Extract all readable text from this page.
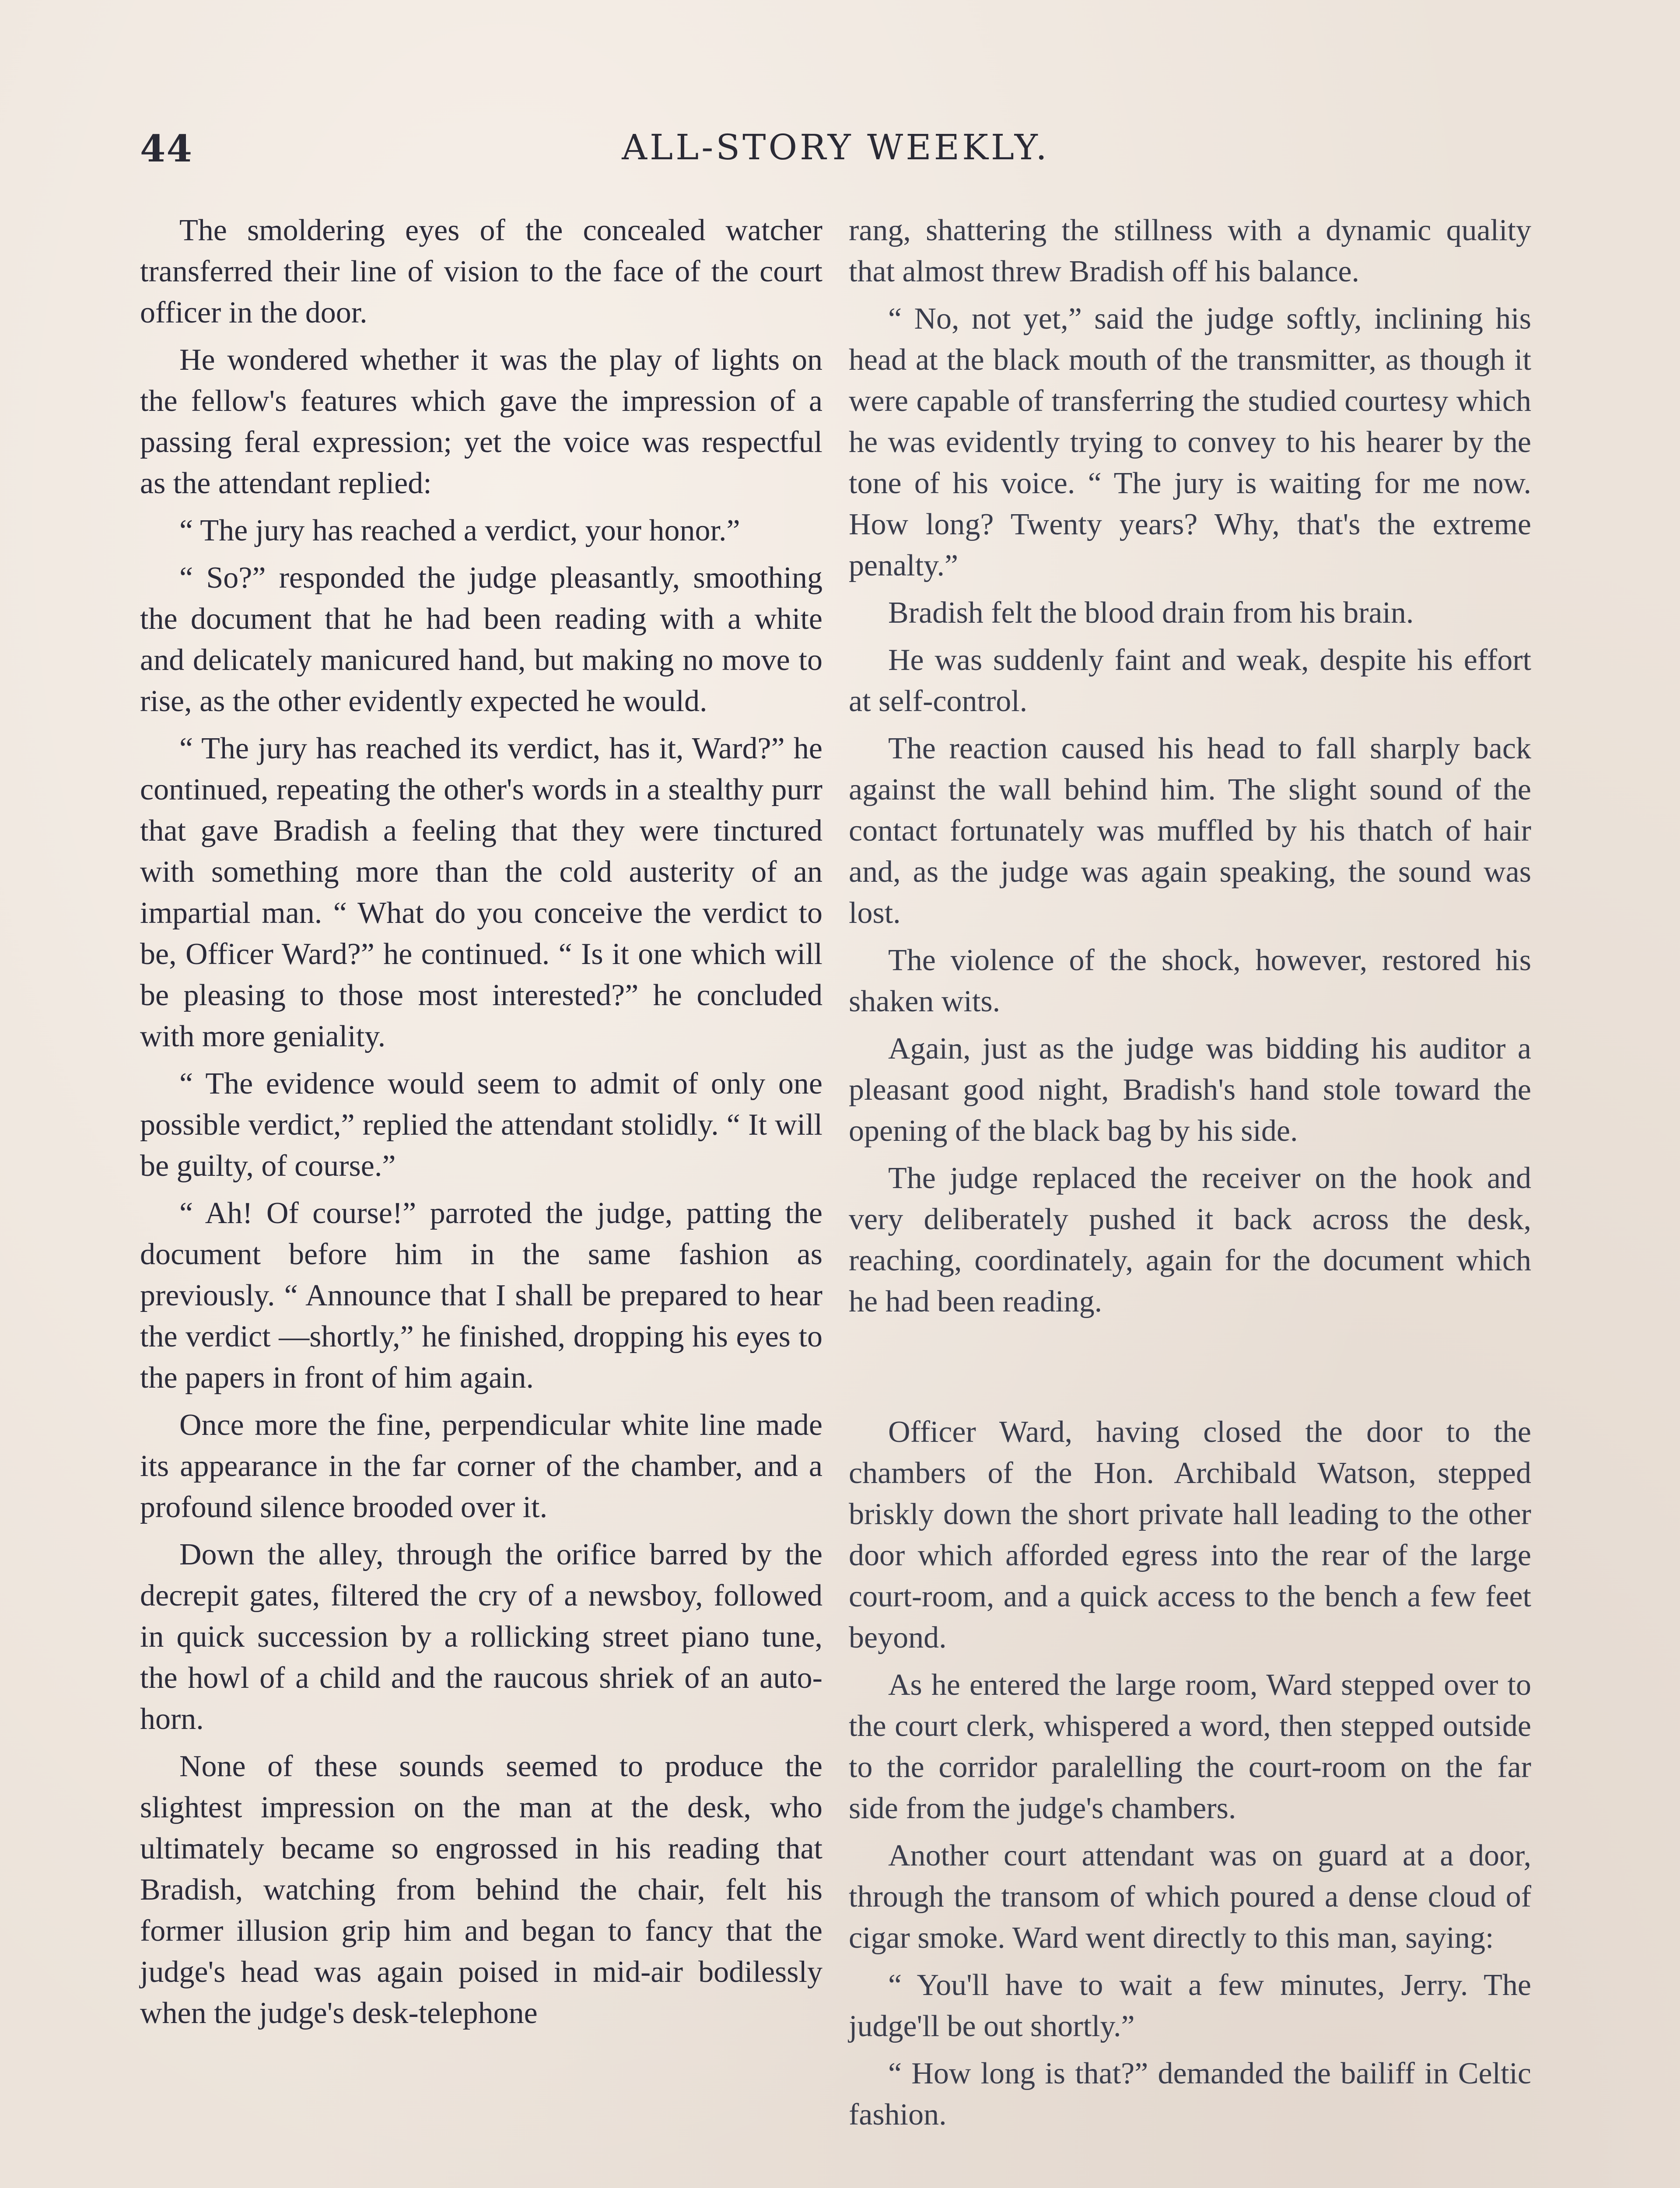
44	ALL-STORY WEEKLY.

The smoldering eyes of the concealed watcher transferred their line of vision to the face of the court officer in the door.

He wondered whether it was the play of lights on the fellow's features which gave the impression of a passing feral expression; yet the voice was respectful as the attendant replied:

“ The jury has reached a verdict, your honor.”

“ So?” responded the judge pleasantly, smoothing the document that he had been reading with a white and delicately manicured hand, but making no move to rise, as the other evidently expected he would.

“ The jury has reached its verdict, has it, Ward?” he continued, repeating the other's words in a stealthy purr that gave Bradish a feeling that they were tinctured with something more than the cold austerity of an impartial man. “ What do you conceive the verdict to be, Officer Ward?” he continued. “ Is it one which will be pleasing to those most interested?” he concluded with more geniality.

“ The evidence would seem to admit of only one possible verdict,” replied the attendant stolidly. “ It will be guilty, of course.”

“ Ah! Of course!” parroted the judge, patting the document before him in the same fashion as previously. “ Announce that I shall be prepared to hear the verdict —shortly,” he finished, dropping his eyes to the papers in front of him again.

Once more the fine, perpendicular white line made its appearance in the far corner of the chamber, and a profound silence brooded over it.

Down the alley, through the orifice barred by the decrepit gates, filtered the cry of a newsboy, followed in quick succession by a rollicking street piano tune, the howl of a child and the raucous shriek of an auto-horn.

None of these sounds seemed to produce the slightest impression on the man at the desk, who ultimately became so engrossed in his reading that Bradish, watching from behind the chair, felt his former illusion grip him and began to fancy that the judge's head was again poised in mid-air bodilessly when the judge's desk-telephone

rang, shattering the stillness with a dynamic quality that almost threw Bradish off his balance.

“ No, not yet,” said the judge softly, inclining his head at the black mouth of the transmitter, as though it were capable of transferring the studied courtesy which he was evidently trying to convey to his hearer by the tone of his voice. “ The jury is waiting for me now. How long? Twenty years? Why, that's the extreme penalty.”

Bradish felt the blood drain from his brain.

He was suddenly faint and weak, despite his effort at self-control.

The reaction caused his head to fall sharply back against the wall behind him. The slight sound of the contact fortunately was muffled by his thatch of hair and, as the judge was again speaking, the sound was lost.

The violence of the shock, however, restored his shaken wits.

Again, just as the judge was bidding his auditor a pleasant good night, Bradish's hand stole toward the opening of the black bag by his side.

The judge replaced the receiver on the hook and very deliberately pushed it back across the desk, reaching, coordinately, again for the document which he had been reading.

Officer Ward, having closed the door to the chambers of the Hon. Archibald Watson, stepped briskly down the short private hall leading to the other door which afforded egress into the rear of the large court-room, and a quick access to the bench a few feet beyond.

As he entered the large room, Ward stepped over to the court clerk, whispered a word, then stepped outside to the corridor paralelling the court-room on the far side from the judge's chambers.

Another court attendant was on guard at a door, through the transom of which poured a dense cloud of cigar smoke. Ward went directly to this man, saying:

“ You'll have to wait a few minutes, Jerry. The judge'll be out shortly.”

“ How long is that?” demanded the bailiff in Celtic fashion.
